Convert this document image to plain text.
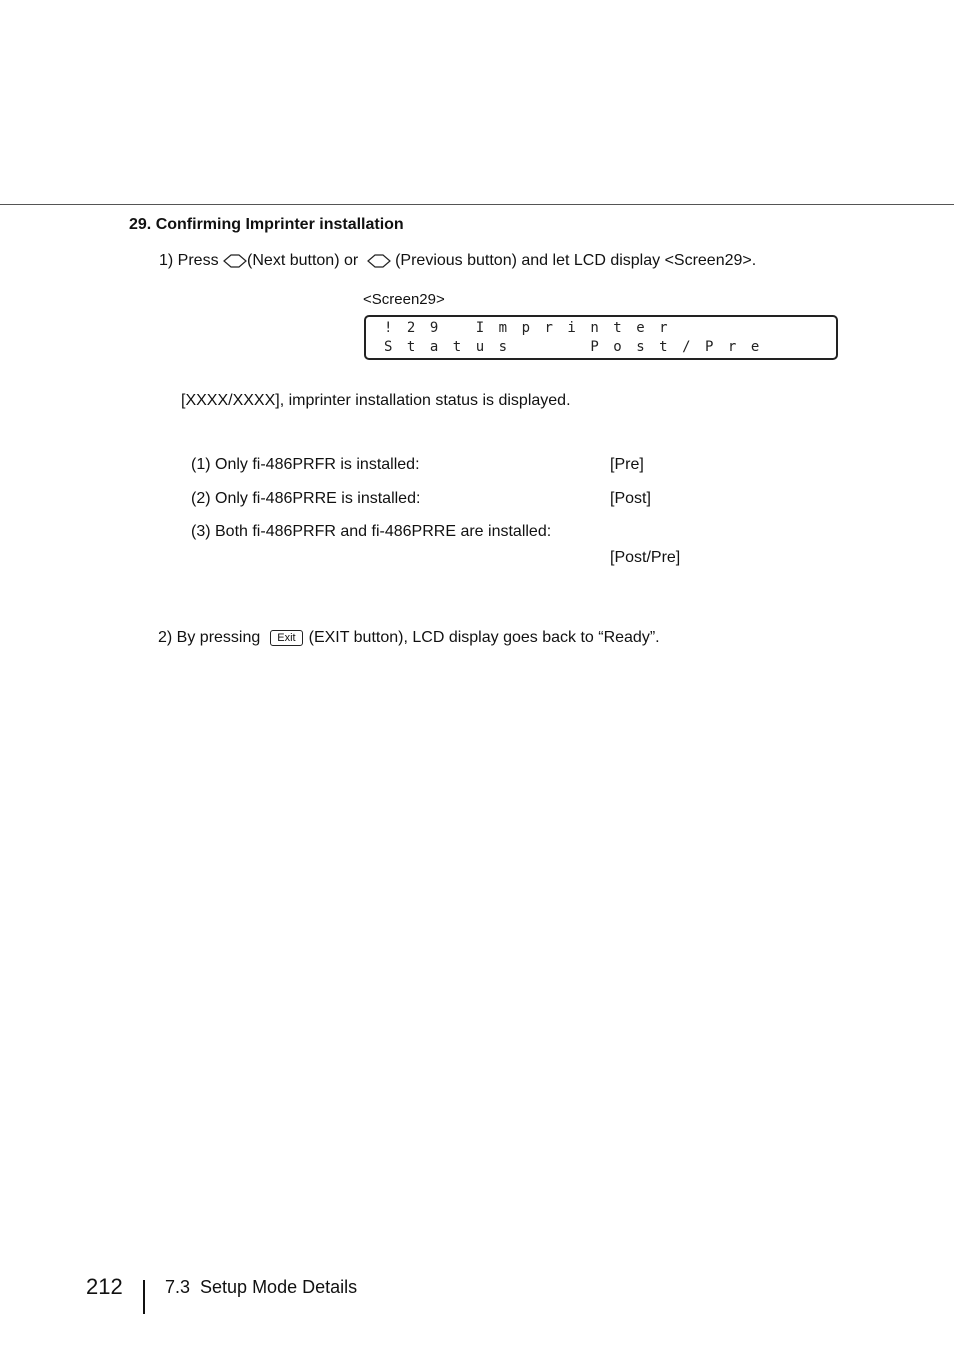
29. Confirming Imprinter installation
1) Press (Next button) or (Previous button) and let LCD display <Screen29>.
<Screen29>
!29 Imprinter
Status   Post/Pre
[XXXX/XXXX], imprinter installation status is displayed.
(1) Only fi-486PRFR is installed:	[Pre]
(2) Only fi-486PRRE is installed:	[Post]
(3) Both fi-486PRFR and fi-486PRRE are installed:
[Post/Pre]
2) By pressing Exit (EXIT button), LCD display goes back to “Ready”.
212 7.3  Setup Mode Details
